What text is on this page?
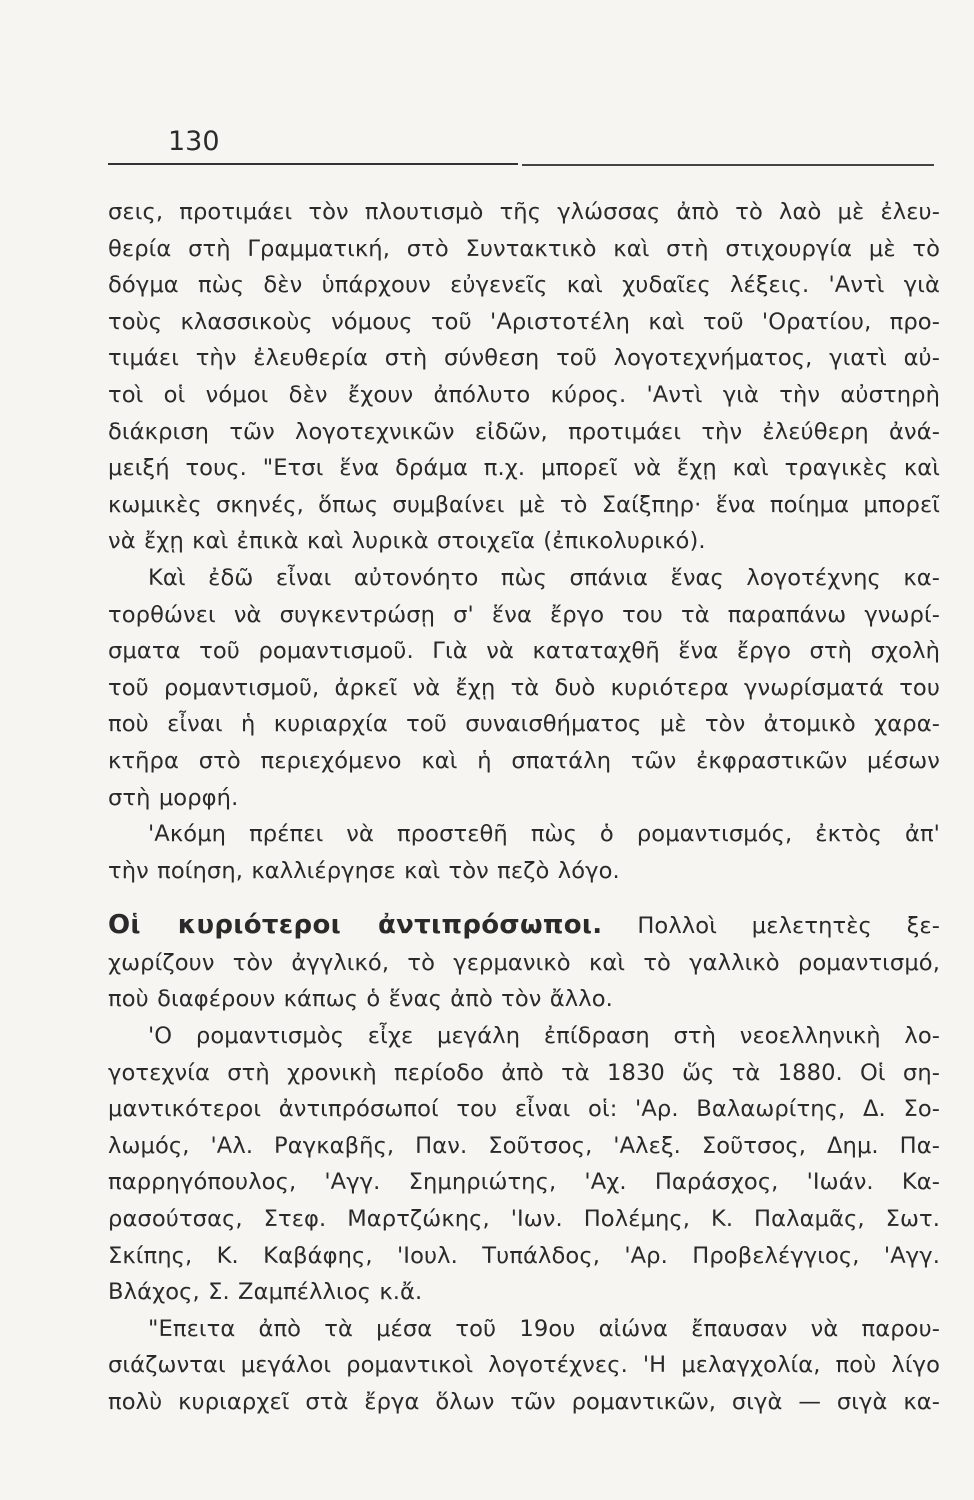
130
σεις, προτιμάει τὸν πλουτισμὸ τῆς γλώσσας ἀπὸ τὸ λαὸ μὲ ἐλευ-
θερία στὴ Γραμματική, στὸ Συντακτικὸ καὶ στὴ στιχουργία μὲ τὸ
δόγμα πὼς δὲν ὑπάρχουν εὐγενεῖς καὶ χυδαῖες λέξεις. 'Αντὶ γιὰ
τοὺς κλασσικοὺς νόμους τοῦ 'Αριστοτέλη καὶ τοῦ 'Ορατίου, προ-
τιμάει τὴν ἐλευθερία στὴ σύνθεση τοῦ λογοτεχνήματος, γιατὶ αὐ-
τοὶ οἱ νόμοι δὲν ἔχουν ἀπόλυτο κύρος. 'Αντὶ γιὰ τὴν αὐστηρὴ
διάκριση τῶν λογοτεχνικῶν εἰδῶν, προτιμάει τὴν ἐλεύθερη ἀνά-
μειξή τους. "Ετσι ἕνα δράμα π.χ. μπορεῖ νὰ ἔχῃ καὶ τραγικὲς καὶ
κωμικὲς σκηνές, ὅπως συμβαίνει μὲ τὸ Σαίξπηρ· ἕνα ποίημα μπορεῖ
νὰ ἔχῃ καὶ ἐπικὰ καὶ λυρικὰ στοιχεῖα (ἐπικολυρικό).
Καὶ ἐδῶ εἶναι αὐτονόητο πὼς σπάνια ἕνας λογοτέχνης κα-
τορθώνει νὰ συγκεντρώσῃ σ' ἕνα ἔργο του τὰ παραπάνω γνωρί-
σματα τοῦ ρομαντισμοῦ. Γιὰ νὰ καταταχθῆ ἕνα ἔργο στὴ σχολὴ
τοῦ ρομαντισμοῦ, ἀρκεῖ νὰ ἔχῃ τὰ δυὸ κυριότερα γνωρίσματά του
ποὺ εἶναι ἡ κυριαρχία τοῦ συναισθήματος μὲ τὸν ἀτομικὸ χαρα-
κτῆρα στὸ περιεχόμενο καὶ ἡ σπατάλη τῶν ἐκφραστικῶν μέσων
στὴ μορφή.
'Ακόμη πρέπει νὰ προστεθῆ πὼς ὁ ρομαντισμός, ἐκτὸς ἀπ'
τὴν ποίηση, καλλιέργησε καὶ τὸν πεζὸ λόγο.
Οἱ κυριότεροι ἀντιπρόσωποι. Πολλοὶ μελετητὲς ξε-
χωρίζουν τὸν ἀγγλικό, τὸ γερμανικὸ καὶ τὸ γαλλικὸ ρομαντισμό,
ποὺ διαφέρουν κάπως ὁ ἕνας ἀπὸ τὸν ἄλλο.
'Ο ρομαντισμὸς εἶχε μεγάλη ἐπίδραση στὴ νεοελληνικὴ λο-
γοτεχνία στὴ χρονικὴ περίοδο ἀπὸ τὰ 1830 ὥς τὰ 1880. Οἱ ση-
μαντικότεροι ἀντιπρόσωποί του εἶναι οἱ: 'Αρ. Βαλαωρίτης, Δ. Σο-
λωμός, 'Αλ. Ραγκαβῆς, Παν. Σοῦτσος, 'Αλεξ. Σοῦτσος, Δημ. Πα-
παρρηγόπουλος, 'Αγγ. Σημηριώτης, 'Αχ. Παράσχος, 'Ιωάν. Κα-
ρασούτσας, Στεφ. Μαρτζώκης, 'Ιων. Πολέμης, Κ. Παλαμᾶς, Σωτ.
Σκίπης, Κ. Καβάφης, 'Ιουλ. Τυπάλδος, 'Αρ. Προβελέγγιος, 'Αγγ.
Βλάχος, Σ. Ζαμπέλλιος κ.ἄ.
"Επειτα ἀπὸ τὰ μέσα τοῦ 19ου αἰώνα ἔπαυσαν νὰ παρου-
σιάζωνται μεγάλοι ρομαντικοὶ λογοτέχνες. 'Η μελαγχολία, ποὺ λίγο
πολὺ κυριαρχεῖ στὰ ἔργα ὅλων τῶν ρομαντικῶν, σιγὰ — σιγὰ κα-
